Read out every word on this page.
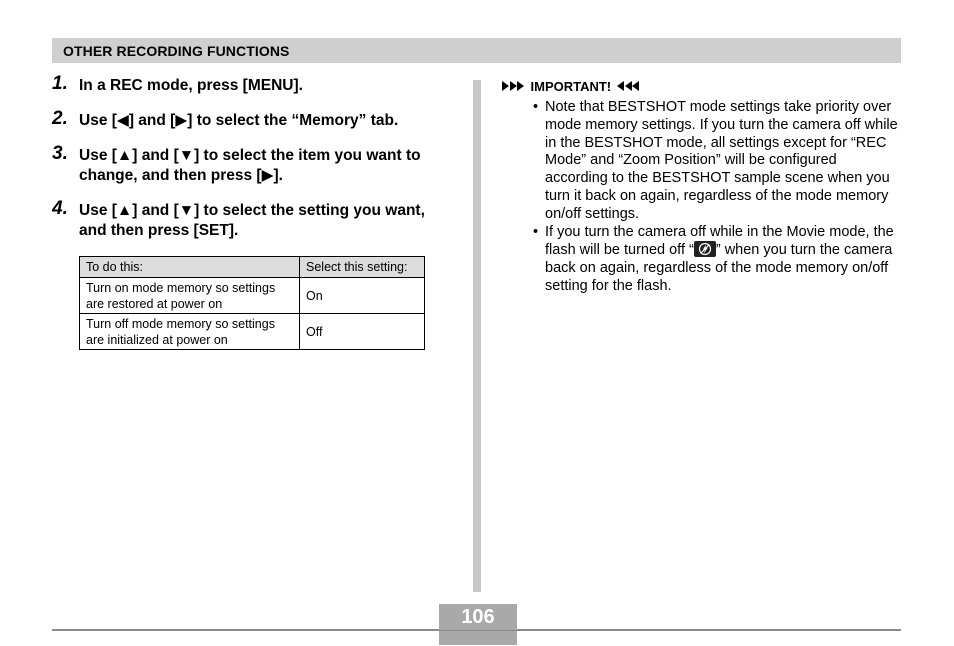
OTHER RECORDING FUNCTIONS
1. In a REC mode, press [MENU].
2. Use [◀] and [▶] to select the “Memory” tab.
3. Use [▲] and [▼] to select the item you want to change, and then press [▶].
4. Use [▲] and [▼] to select the setting you want, and then press [SET].
To do this:	Select this setting:
Turn on mode memory so settings are restored at power on	On
Turn off mode memory so settings are initialized at power on	Off
IMPORTANT!
• Note that BESTSHOT mode settings take priority over mode memory settings. If you turn the camera off while in the BESTSHOT mode, all settings except for “REC Mode” and “Zoom Position” will be configured according to the BESTSHOT sample scene when you turn it back on again, regardless of the mode memory on/off settings.
• If you turn the camera off while in the Movie mode, the flash will be turned off “ ” when you turn the camera back on again, regardless of the mode memory on/off setting for the flash.
106
